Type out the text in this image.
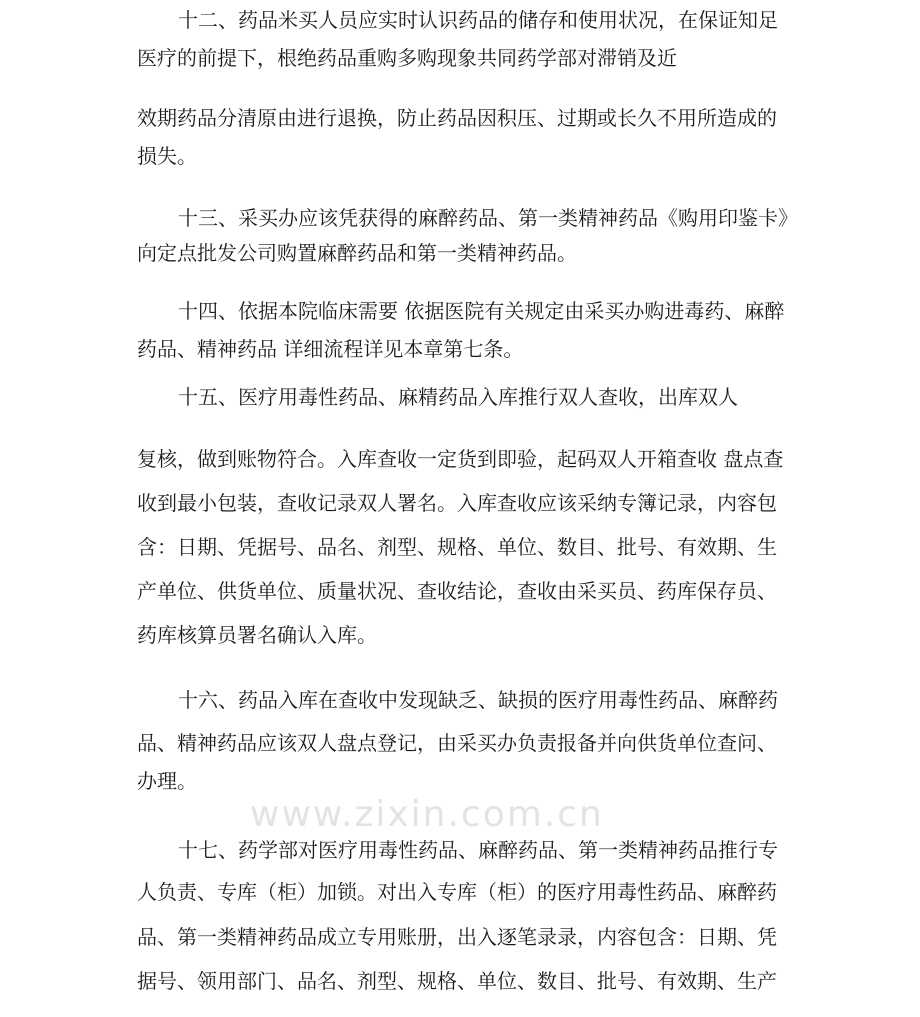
www.zixin.com.cn
十二、药品米买人员应实时认识药品的储存和使用状况，在保证知足
医疗的前提下，根绝药品重购多购现象共同药学部对滞销及近
效期药品分清原由进行退换，防止药品因积压、过期或长久不用所造成的
损失。
十三、采买办应该凭获得的麻醉药品、第一类精神药品《购用印鉴卡》
向定点批发公司购置麻醉药品和第一类精神药品。
十四、依据本院临床需要 依据医院有关规定由采买办购进毒药、麻醉
药品、精神药品 详细流程详见本章第七条。
十五、医疗用毒性药品、麻精药品入库推行双人查收，出库双人
复核，做到账物符合。入库查收一定货到即验，起码双人开箱查收 盘点查
收到最小包装，查收记录双人署名。入库查收应该采纳专簿记录，内容包
含：日期、凭据号、品名、剂型、规格、单位、数目、批号、有效期、生
产单位、供货单位、质量状况、查收结论，查收由采买员、药库保存员、
药库核算员署名确认入库。
十六、药品入库在查收中发现缺乏、缺损的医疗用毒性药品、麻醉药
品、精神药品应该双人盘点登记，由采买办负责报备并向供货单位查问、
办理。
十七、药学部对医疗用毒性药品、麻醉药品、第一类精神药品推行专
人负责、专库（柜）加锁。对出入专库（柜）的医疗用毒性药品、麻醉药
品、第一类精神药品成立专用账册，出入逐笔录录，内容包含：日期、凭
据号、领用部门、品名、剂型、规格、单位、数目、批号、有效期、生产
